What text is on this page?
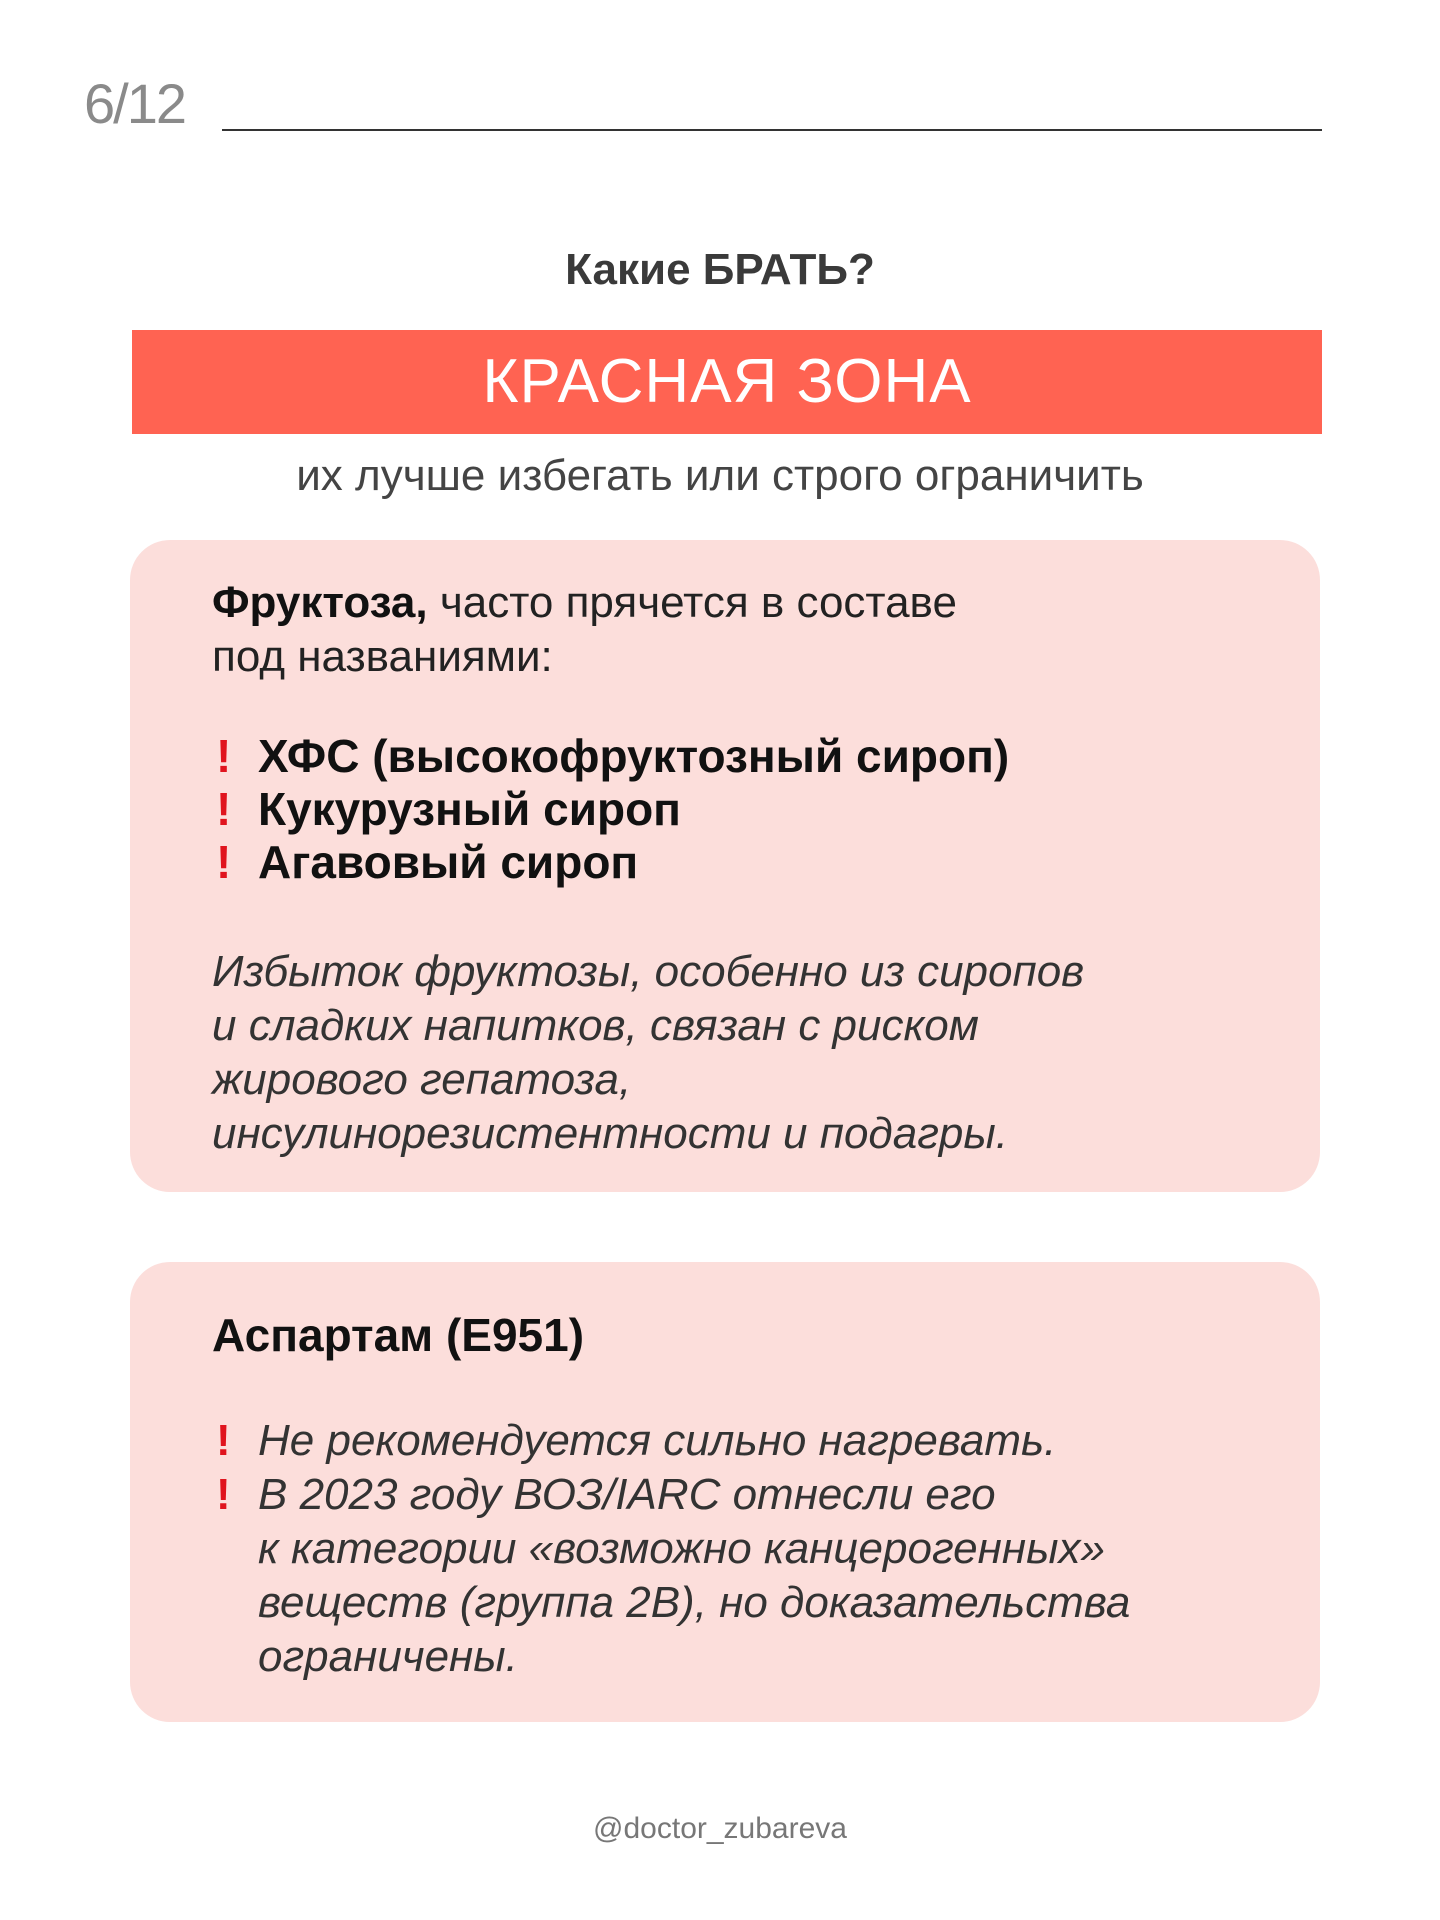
6/12
Какие БРАТЬ?
КРАСНАЯ ЗОНА
их лучше избегать или строго ограничить

Фруктоза, часто прячется в составе
под названиями:

! ХФС (высокофруктозный сироп)
! Кукурузный сироп
! Агавовый сироп

Избыток фруктозы, особенно из сиропов
и сладких напитков, связан с риском
жирового гепатоза,
инсулинорезистентности и подагры.

Аспартам (Е951)

! Не рекомендуется сильно нагревать.
! В 2023 году ВОЗ/IARC отнесли его
к категории «возможно канцерогенных»
веществ (группа 2B), но доказательства
ограничены.
@doctor_zubareva
